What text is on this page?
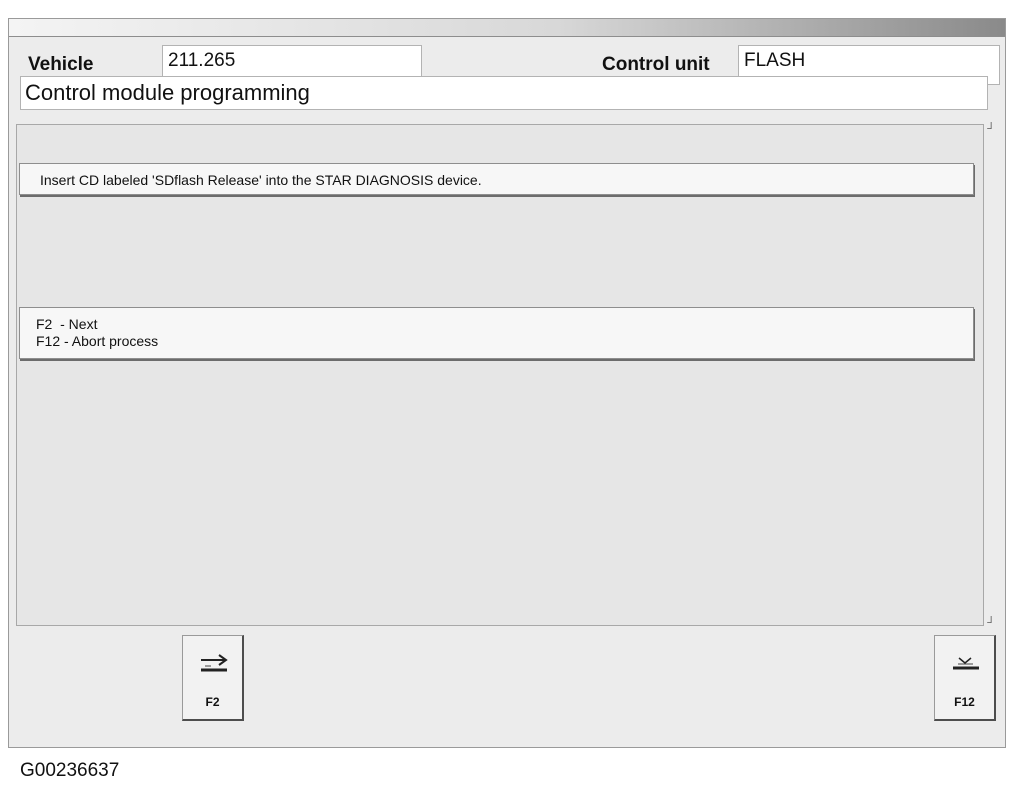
Vehicle	211.265	Control unit	FLASH
Control module programming
Insert CD labeled 'SDflash Release' into the STAR DIAGNOSIS device.
F2  - Next
F12 - Abort process
┘
┘
F2	F12
G00236637
